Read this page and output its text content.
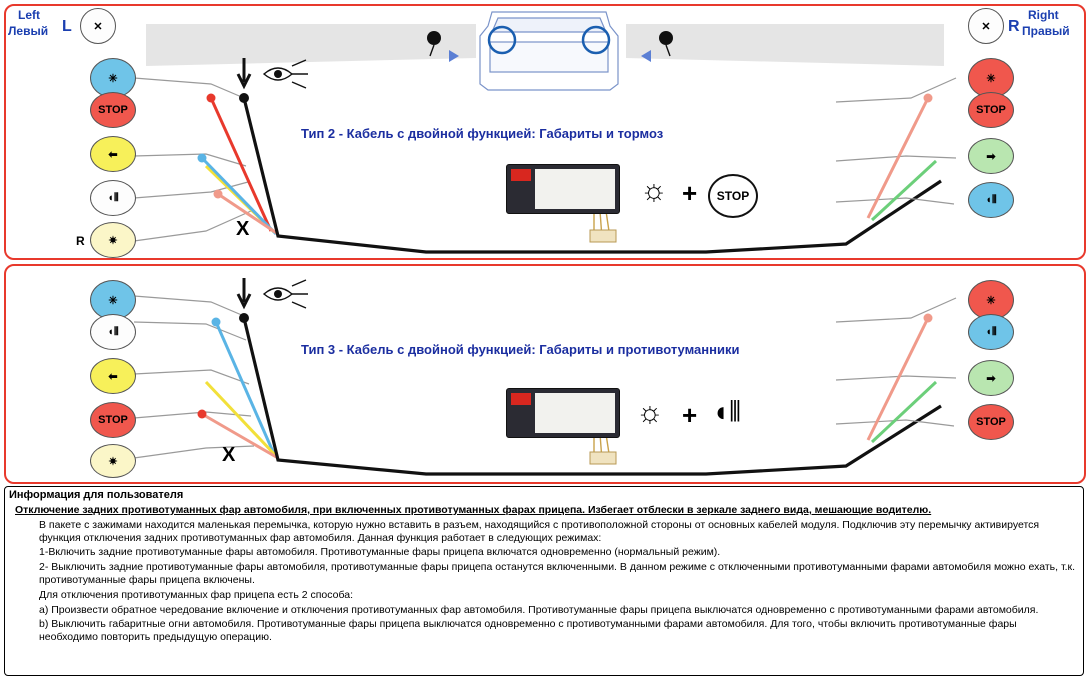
Тип 2 - Кабель с двойной функцией: Габариты и тормоз
✳
STOP
⬅
◖⦀
✷
R
✳
STOP
➡
◖⦀
☼ +	STOP
X
Left
Левый L	✕	✕	R
Right
Правый
Тип 3 - Кабель с двойной функцией: Габариты и противотуманники
✳
◖⦀
⬅
STOP
✷
✳
◖⦀
➡
STOP
☼ + ◖⦀
X
Информация для пользователя
Отключение задних противотуманных фар автомобиля, при включенных противотуманных фарах прицепа. Избегает отблески в зеркале заднего вида, мешающие водителю.
В пакете с зажимами находится маленькая перемычка, которую нужно вставить в разъем, находящийся с противоположной стороны от основных кабелей модуля. Подключив эту перемычку активируется функция отключения задних противотуманных фар автомобиля. Данная функция работает в следующих режимах:
1-Включить задние противотуманные фары автомобиля. Противотуманные фары прицепа включатся одновременно (нормальный режим).
2- Выключить задние противотуманные фары автомобиля, противотуманные фары прицепа останутся включенными. В данном режиме с отключенными противотуманными фарами автомобиля можно ехать, т.к. противотуманные фары прицепа включены.
Для отключения противотуманных фар прицепа есть 2 способа:
a) Произвести обратное чередование включение и отключения противотуманных фар автомобиля. Противотуманные фары прицепа выключатся одновременно с противотуманными фарами автомобиля.
b) Выключить габаритные огни автомобиля. Противотуманные фары прицепа выключатся одновременно с противотуманными фарами автомобиля. Для того, чтобы включить противотуманные фары необходимо повторить предыдущую операцию.
